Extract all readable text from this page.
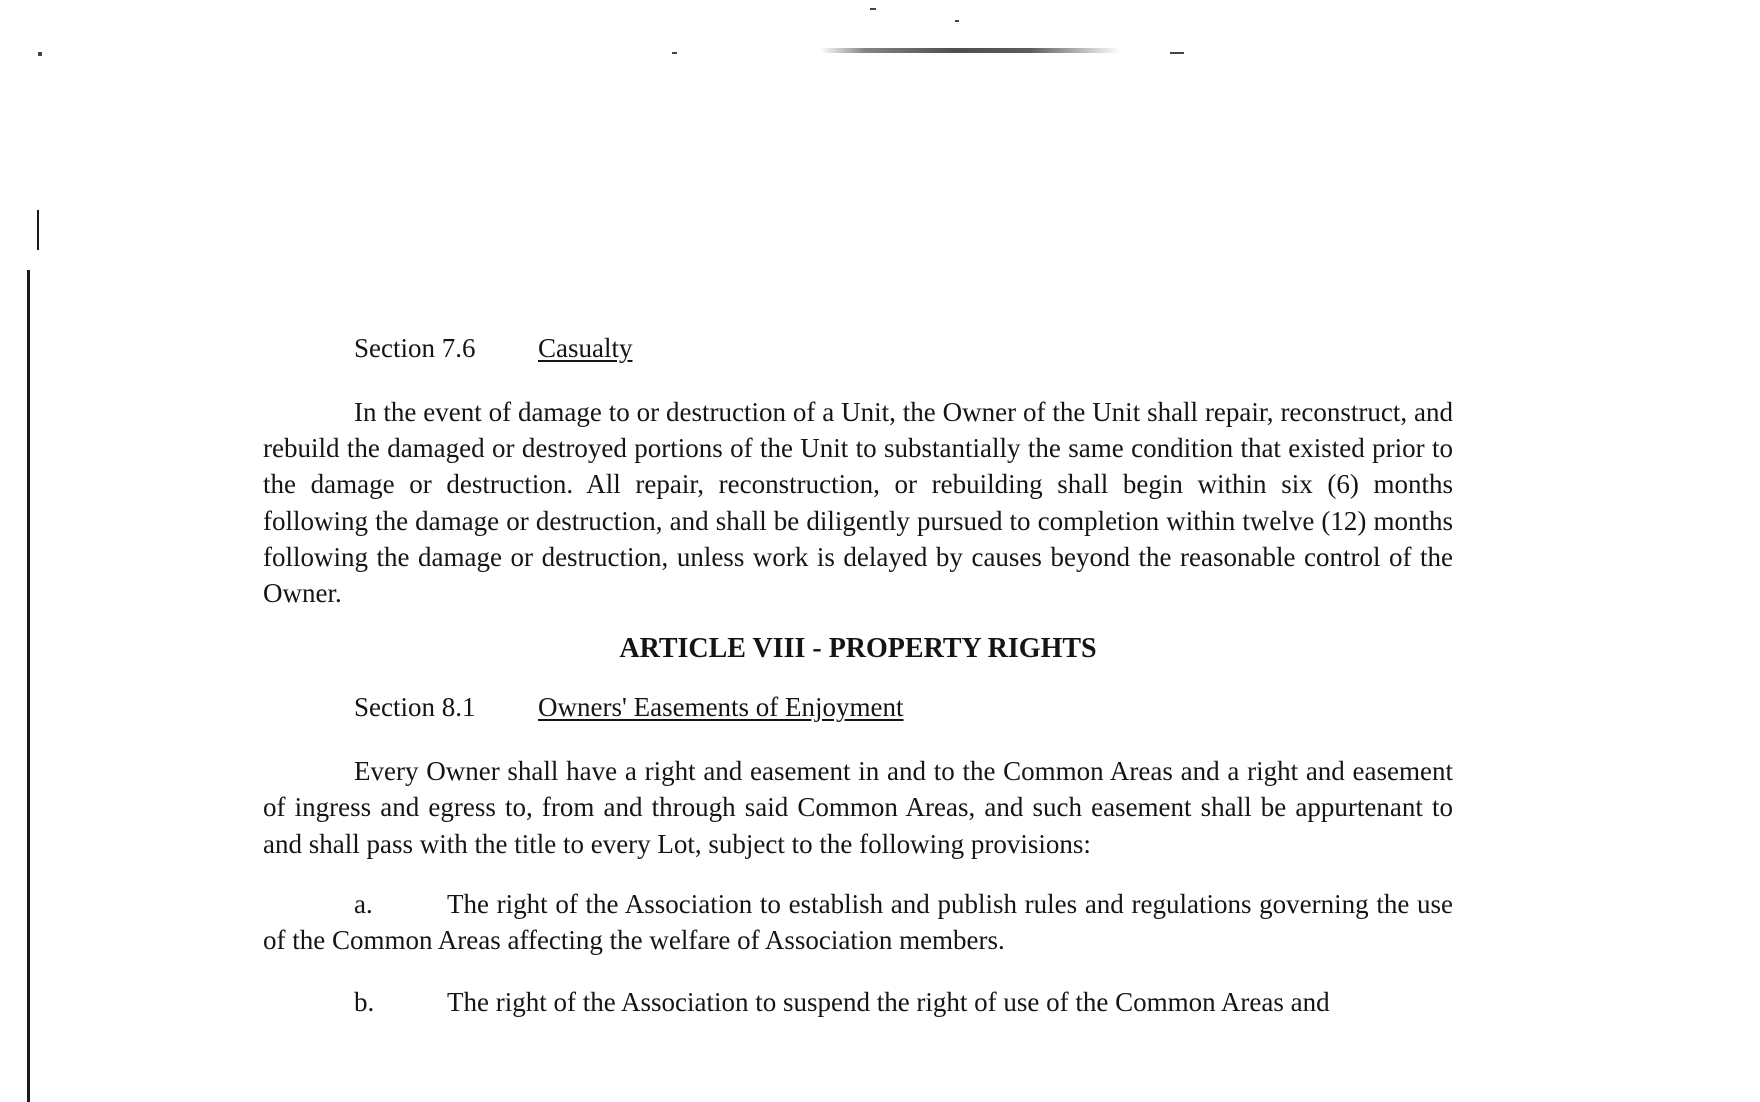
Section 7.6 Casualty

In the event of damage to or destruction of a Unit, the Owner of the Unit shall repair, reconstruct, and rebuild the damaged or destroyed portions of the Unit to substantially the same condition that existed prior to the damage or destruction. All repair, reconstruction, or rebuilding shall begin within six (6) months following the damage or destruction, and shall be diligently pursued to completion within twelve (12) months following the damage or destruction, unless work is delayed by causes beyond the reasonable control of the Owner.

ARTICLE VIII - PROPERTY RIGHTS

Section 8.1 Owners' Easements of Enjoyment

Every Owner shall have a right and easement in and to the Common Areas and a right and easement of ingress and egress to, from and through said Common Areas, and such easement shall be appurtenant to and shall pass with the title to every Lot, subject to the following provisions:

a.	The right of the Association to establish and publish rules and regulations governing the use of the Common Areas affecting the welfare of Association members.

b.	The right of the Association to suspend the right of use of the Common Areas and
